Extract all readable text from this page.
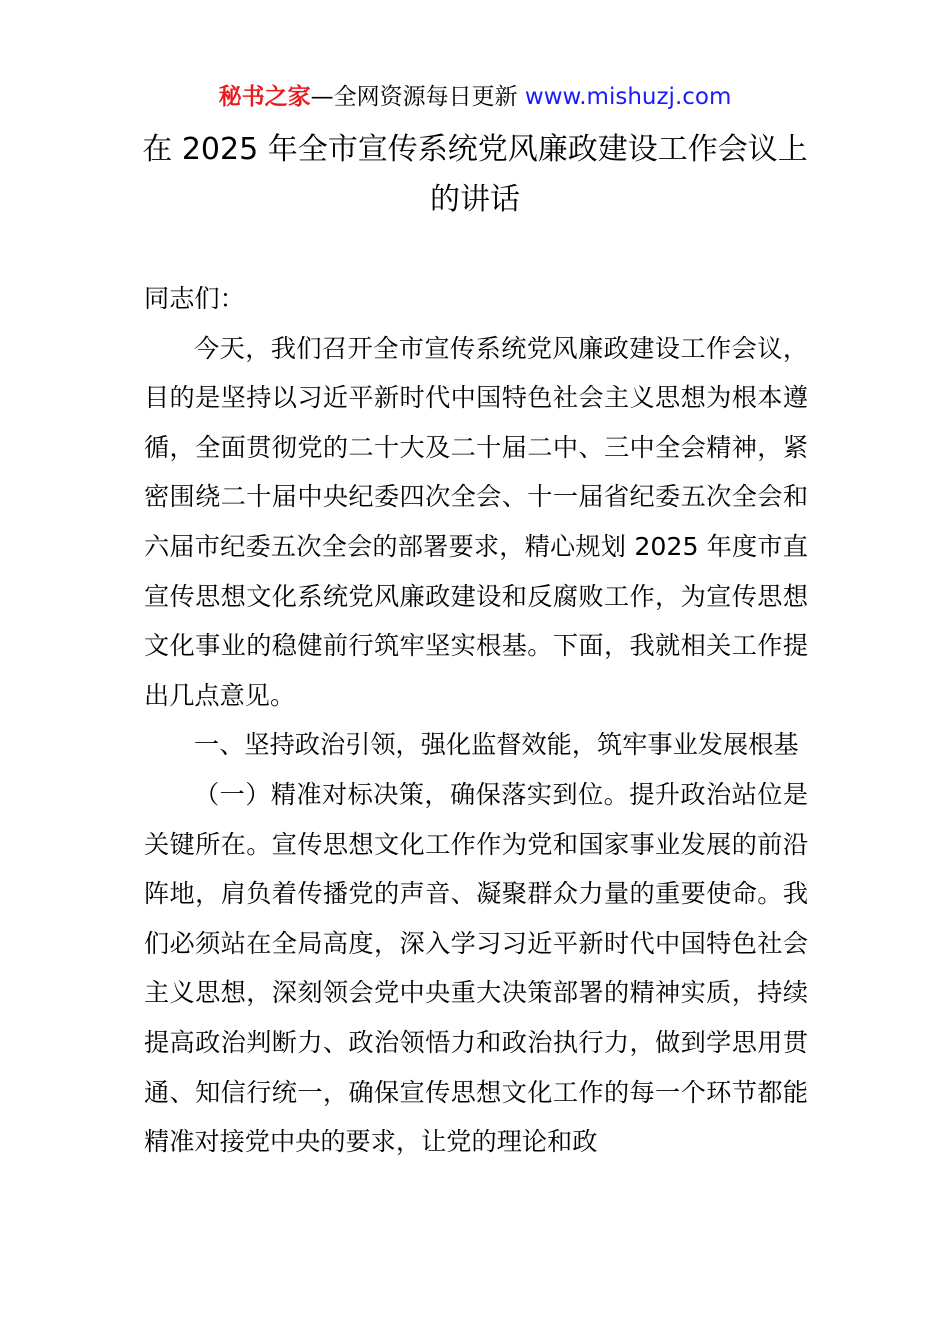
秘书之家—全网资源每日更新 www.mishuzj.com
在 2025 年全市宣传系统党风廉政建设工作会议上的讲话

同志们：

今天，我们召开全市宣传系统党风廉政建设工作会议，目的是坚持以习近平新时代中国特色社会主义思想为根本遵循，全面贯彻党的二十大及二十届二中、三中全会精神，紧密围绕二十届中央纪委四次全会、十一届省纪委五次全会和六届市纪委五次全会的部署要求，精心规划 2025 年度市直宣传思想文化系统党风廉政建设和反腐败工作，为宣传思想文化事业的稳健前行筑牢坚实根基。下面，我就相关工作提出几点意见。

一、坚持政治引领，强化监督效能，筑牢事业发展根基

（一）精准对标决策，确保落实到位。提升政治站位是关键所在。宣传思想文化工作作为党和国家事业发展的前沿阵地，肩负着传播党的声音、凝聚群众力量的重要使命。我们必须站在全局高度，深入学习习近平新时代中国特色社会主义思想，深刻领会党中央重大决策部署的精神实质，持续提高政治判断力、政治领悟力和政治执行力，做到学思用贯通、知信行统一，确保宣传思想文化工作的每一个环节都能精准对接党中央的要求，让党的理论和政
